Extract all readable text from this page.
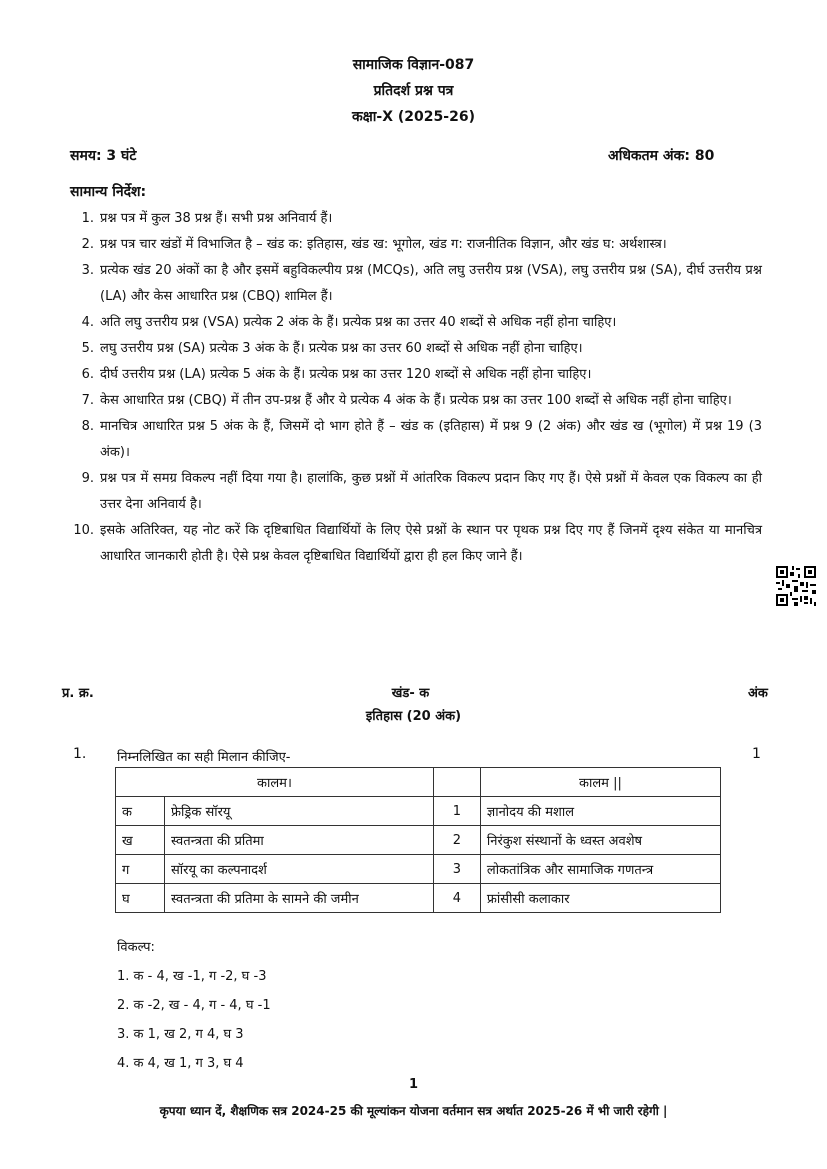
सामाजिक विज्ञान-087
प्रतिदर्श प्रश्न पत्र
कक्षा-X (2025-26)
समय: 3 घंटे	अधिकतम अंक: 80
सामान्य निर्देश:
1. प्रश्न पत्र में कुल 38 प्रश्न हैं। सभी प्रश्न अनिवार्य हैं।
2. प्रश्न पत्र चार खंडों में विभाजित है – खंड क: इतिहास, खंड ख: भूगोल, खंड ग: राजनीतिक विज्ञान, और खंड घ: अर्थशास्त्र।
3. प्रत्येक खंड 20 अंकों का है और इसमें बहुविकल्पीय प्रश्न (MCQs), अति लघु उत्तरीय प्रश्न (VSA), लघु उत्तरीय प्रश्न (SA), दीर्घ उत्तरीय प्रश्न (LA) और केस आधारित प्रश्न (CBQ) शामिल हैं।
4. अति लघु उत्तरीय प्रश्न (VSA) प्रत्येक 2 अंक के हैं। प्रत्येक प्रश्न का उत्तर 40 शब्दों से अधिक नहीं होना चाहिए।
5. लघु उत्तरीय प्रश्न (SA) प्रत्येक 3 अंक के हैं। प्रत्येक प्रश्न का उत्तर 60 शब्दों से अधिक नहीं होना चाहिए।
6. दीर्घ उत्तरीय प्रश्न (LA) प्रत्येक 5 अंक के हैं। प्रत्येक प्रश्न का उत्तर 120 शब्दों से अधिक नहीं होना चाहिए।
7. केस आधारित प्रश्न (CBQ) में तीन उप-प्रश्न हैं और ये प्रत्येक 4 अंक के हैं। प्रत्येक प्रश्न का उत्तर 100 शब्दों से अधिक नहीं होना चाहिए।
8. मानचित्र आधारित प्रश्न 5 अंक के हैं, जिसमें दो भाग होते हैं – खंड क (इतिहास) में प्रश्न 9 (2 अंक) और खंड ख (भूगोल) में प्रश्न 19 (3 अंक)।
9. प्रश्न पत्र में समग्र विकल्प नहीं दिया गया है। हालांकि, कुछ प्रश्नों में आंतरिक विकल्प प्रदान किए गए हैं। ऐसे प्रश्नों में केवल एक विकल्प का ही उत्तर देना अनिवार्य है।
10. इसके अतिरिक्त, यह नोट करें कि दृष्टिबाधित विद्यार्थियों के लिए ऐसे प्रश्नों के स्थान पर पृथक प्रश्न दिए गए हैं जिनमें दृश्य संकेत या मानचित्र आधारित जानकारी होती है। ऐसे प्रश्न केवल दृष्टिबाधित विद्यार्थियों द्वारा ही हल किए जाने हैं।
प्र. क्र.	खंड- क	अंक
इतिहास (20 अंक)
1. निम्नलिखित का सही मिलान कीजिए-	1
कालम।			कालम ||
क	फ्रेड्रिक सॉरयू	1	ज्ञानोदय की मशाल
ख	स्वतन्त्रता की प्रतिमा	2	निरंकुश संस्थानों के ध्वस्त अवशेष
ग	सॉरयू का कल्पनादर्श	3	लोकतांत्रिक और सामाजिक गणतन्त्र
घ	स्वतन्त्रता की प्रतिमा के सामने की जमीन	4	फ्रांसीसी कलाकार
विकल्प:
1. क - 4, ख -1, ग -2, घ -3
2. क -2, ख - 4, ग - 4, घ -1
3. क 1, ख 2, ग 4, घ 3
4. क 4, ख 1, ग 3, घ 4
1
कृपया ध्यान दें, शैक्षणिक सत्र 2024-25 की मूल्यांकन योजना वर्तमान सत्र अर्थात 2025-26 में भी जारी रहेगी |
